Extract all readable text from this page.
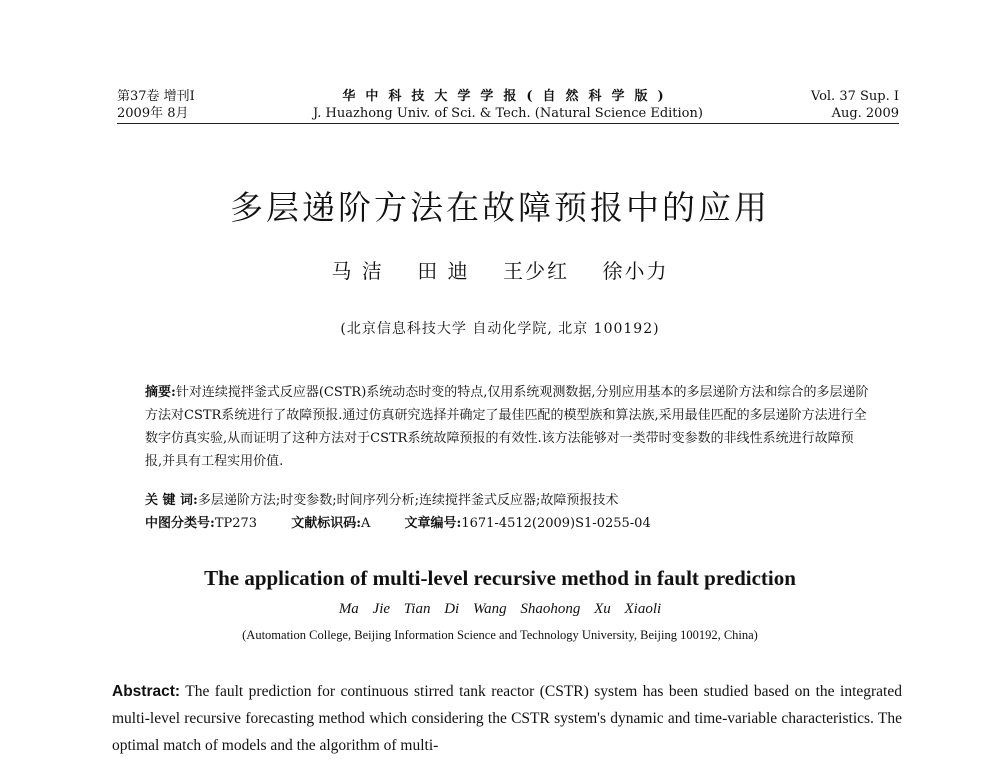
第37卷 增刊Ⅰ
2009年 8月
华中科技大学学报(自然科学版)
J. Huazhong Univ. of Sci. & Tech. (Natural Science Edition)
Vol. 37 Sup. Ⅰ
Aug. 2009
多层递阶方法在故障预报中的应用
马 洁 田 迪 王少红 徐小力
(北京信息科技大学 自动化学院, 北京 100192)
摘要:针对连续搅拌釜式反应器(CSTR)系统动态时变的特点,仅用系统观测数据,分别应用基本的多层递阶方法和综合的多层递阶方法对CSTR系统进行了故障预报.通过仿真研究选择并确定了最佳匹配的模型族和算法族,采用最佳匹配的多层递阶方法进行全数字仿真实验,从而证明了这种方法对于CSTR系统故障预报的有效性.该方法能够对一类带时变参数的非线性系统进行故障预报,并具有工程实用价值.
关 键 词:多层递阶方法;时变参数;时间序列分析;连续搅拌釜式反应器;故障预报技术
中图分类号:TP273	文献标识码:A	文章编号:1671-4512(2009)S1-0255-04
The application of multi-level recursive method in fault prediction
Ma Jie Tian Di Wang Shaohong Xu Xiaoli
(Automation College, Beijing Information Science and Technology University, Beijing 100192, China)
Abstract: The fault prediction for continuous stirred tank reactor (CSTR) system has been studied based on the integrated multi-level recursive forecasting method which considering the CSTR system's dynamic and time-variable characteristics. The optimal match of models and the algorithm of multi-
